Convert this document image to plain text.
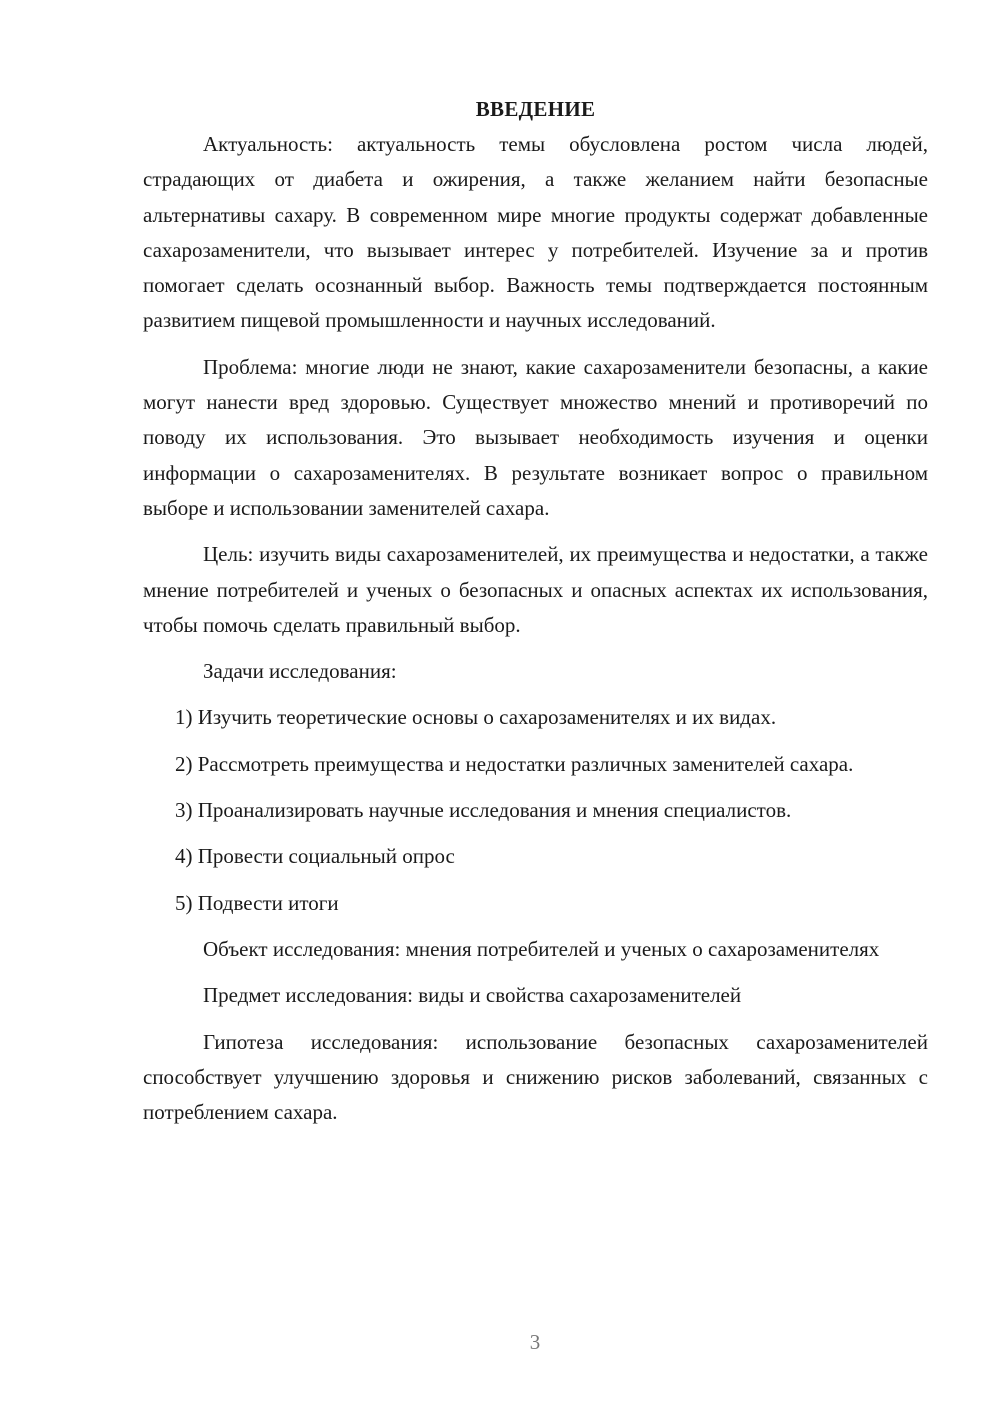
ВВЕДЕНИЕ

Актуальность: актуальность темы обусловлена ростом числа людей, страдающих от диабета и ожирения, а также желанием найти безопасные альтернативы сахару. В современном мире многие продукты содержат добавленные сахарозаменители, что вызывает интерес у потребителей. Изучение за и против помогает сделать осознанный выбор. Важность темы подтверждается постоянным развитием пищевой промышленности и научных исследований.

Проблема: многие люди не знают, какие сахарозаменители безопасны, а какие могут нанести вред здоровью. Существует множество мнений и противоречий по поводу их использования. Это вызывает необходимость изучения и оценки информации о сахарозаменителях. В результате возникает вопрос о правильном выборе и использовании заменителей сахара.

Цель: изучить виды сахарозаменителей, их преимущества и недостатки, а также мнение потребителей и ученых о безопасных и опасных аспектах их использования, чтобы помочь сделать правильный выбор.

Задачи исследования:

1) Изучить теоретические основы о сахарозаменителях и их видах.

2) Рассмотреть преимущества и недостатки различных заменителей сахара.

3) Проанализировать научные исследования и мнения специалистов.

4) Провести социальный опрос

5) Подвести итоги

Объект исследования: мнения потребителей и ученых о сахарозаменителях

Предмет исследования: виды и свойства сахарозаменителей

Гипотеза исследования: использование безопасных сахарозаменителей способствует улучшению здоровья и снижению рисков заболеваний, связанных с потреблением сахара.

3
